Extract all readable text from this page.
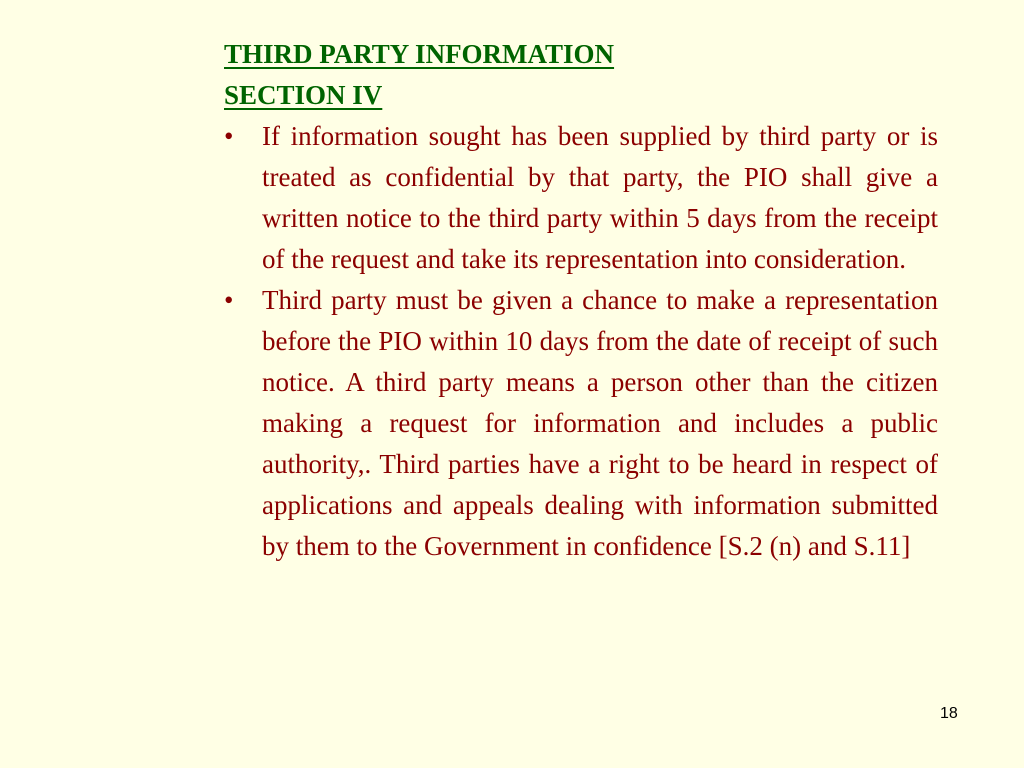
THIRD PARTY INFORMATION
SECTION IV
•	If information sought has been supplied by third party or is treated as confidential by that party, the PIO shall give a written notice to the third party within 5 days from the receipt of the request and take its representation into consideration.
•	Third party must be given a chance to make a representation before the PIO within 10 days from the date of receipt of such notice. A third party means a person other than the citizen making a request for information and includes a public authority,. Third parties have a right to be heard in respect of applications and appeals dealing with information submitted by them to the Government in confidence [S.2 (n) and S.11]
18
